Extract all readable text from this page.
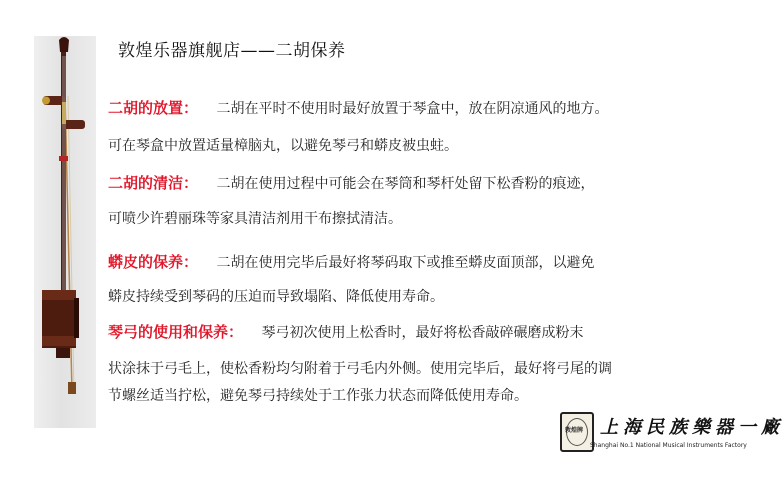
敦煌乐器旗舰店——二胡保养
二胡的放置： 二胡在平时不使用时最好放置于琴盒中，放在阴凉通风的地方。
可在琴盒中放置适量樟脑丸，以避免琴弓和蟒皮被虫蛀。
二胡的清洁： 二胡在使用过程中可能会在琴筒和琴杆处留下松香粉的痕迹，
可喷少许碧丽珠等家具清洁剂用干布擦拭清洁。
蟒皮的保养： 二胡在使用完毕后最好将琴码取下或推至蟒皮面顶部，以避免
蟒皮持续受到琴码的压迫而导致塌陷、降低使用寿命。
琴弓的使用和保养： 琴弓初次使用上松香时，最好将松香敲碎碾磨成粉末
状涂抹于弓毛上，使松香粉均匀附着于弓毛内外侧。使用完毕后，最好将弓尾的调
节螺丝适当拧松，避免琴弓持续处于工作张力状态而降低使用寿命。
敦煌牌 上海民族樂器一廠
Shanghai No.1 National Musical Instruments Factory
